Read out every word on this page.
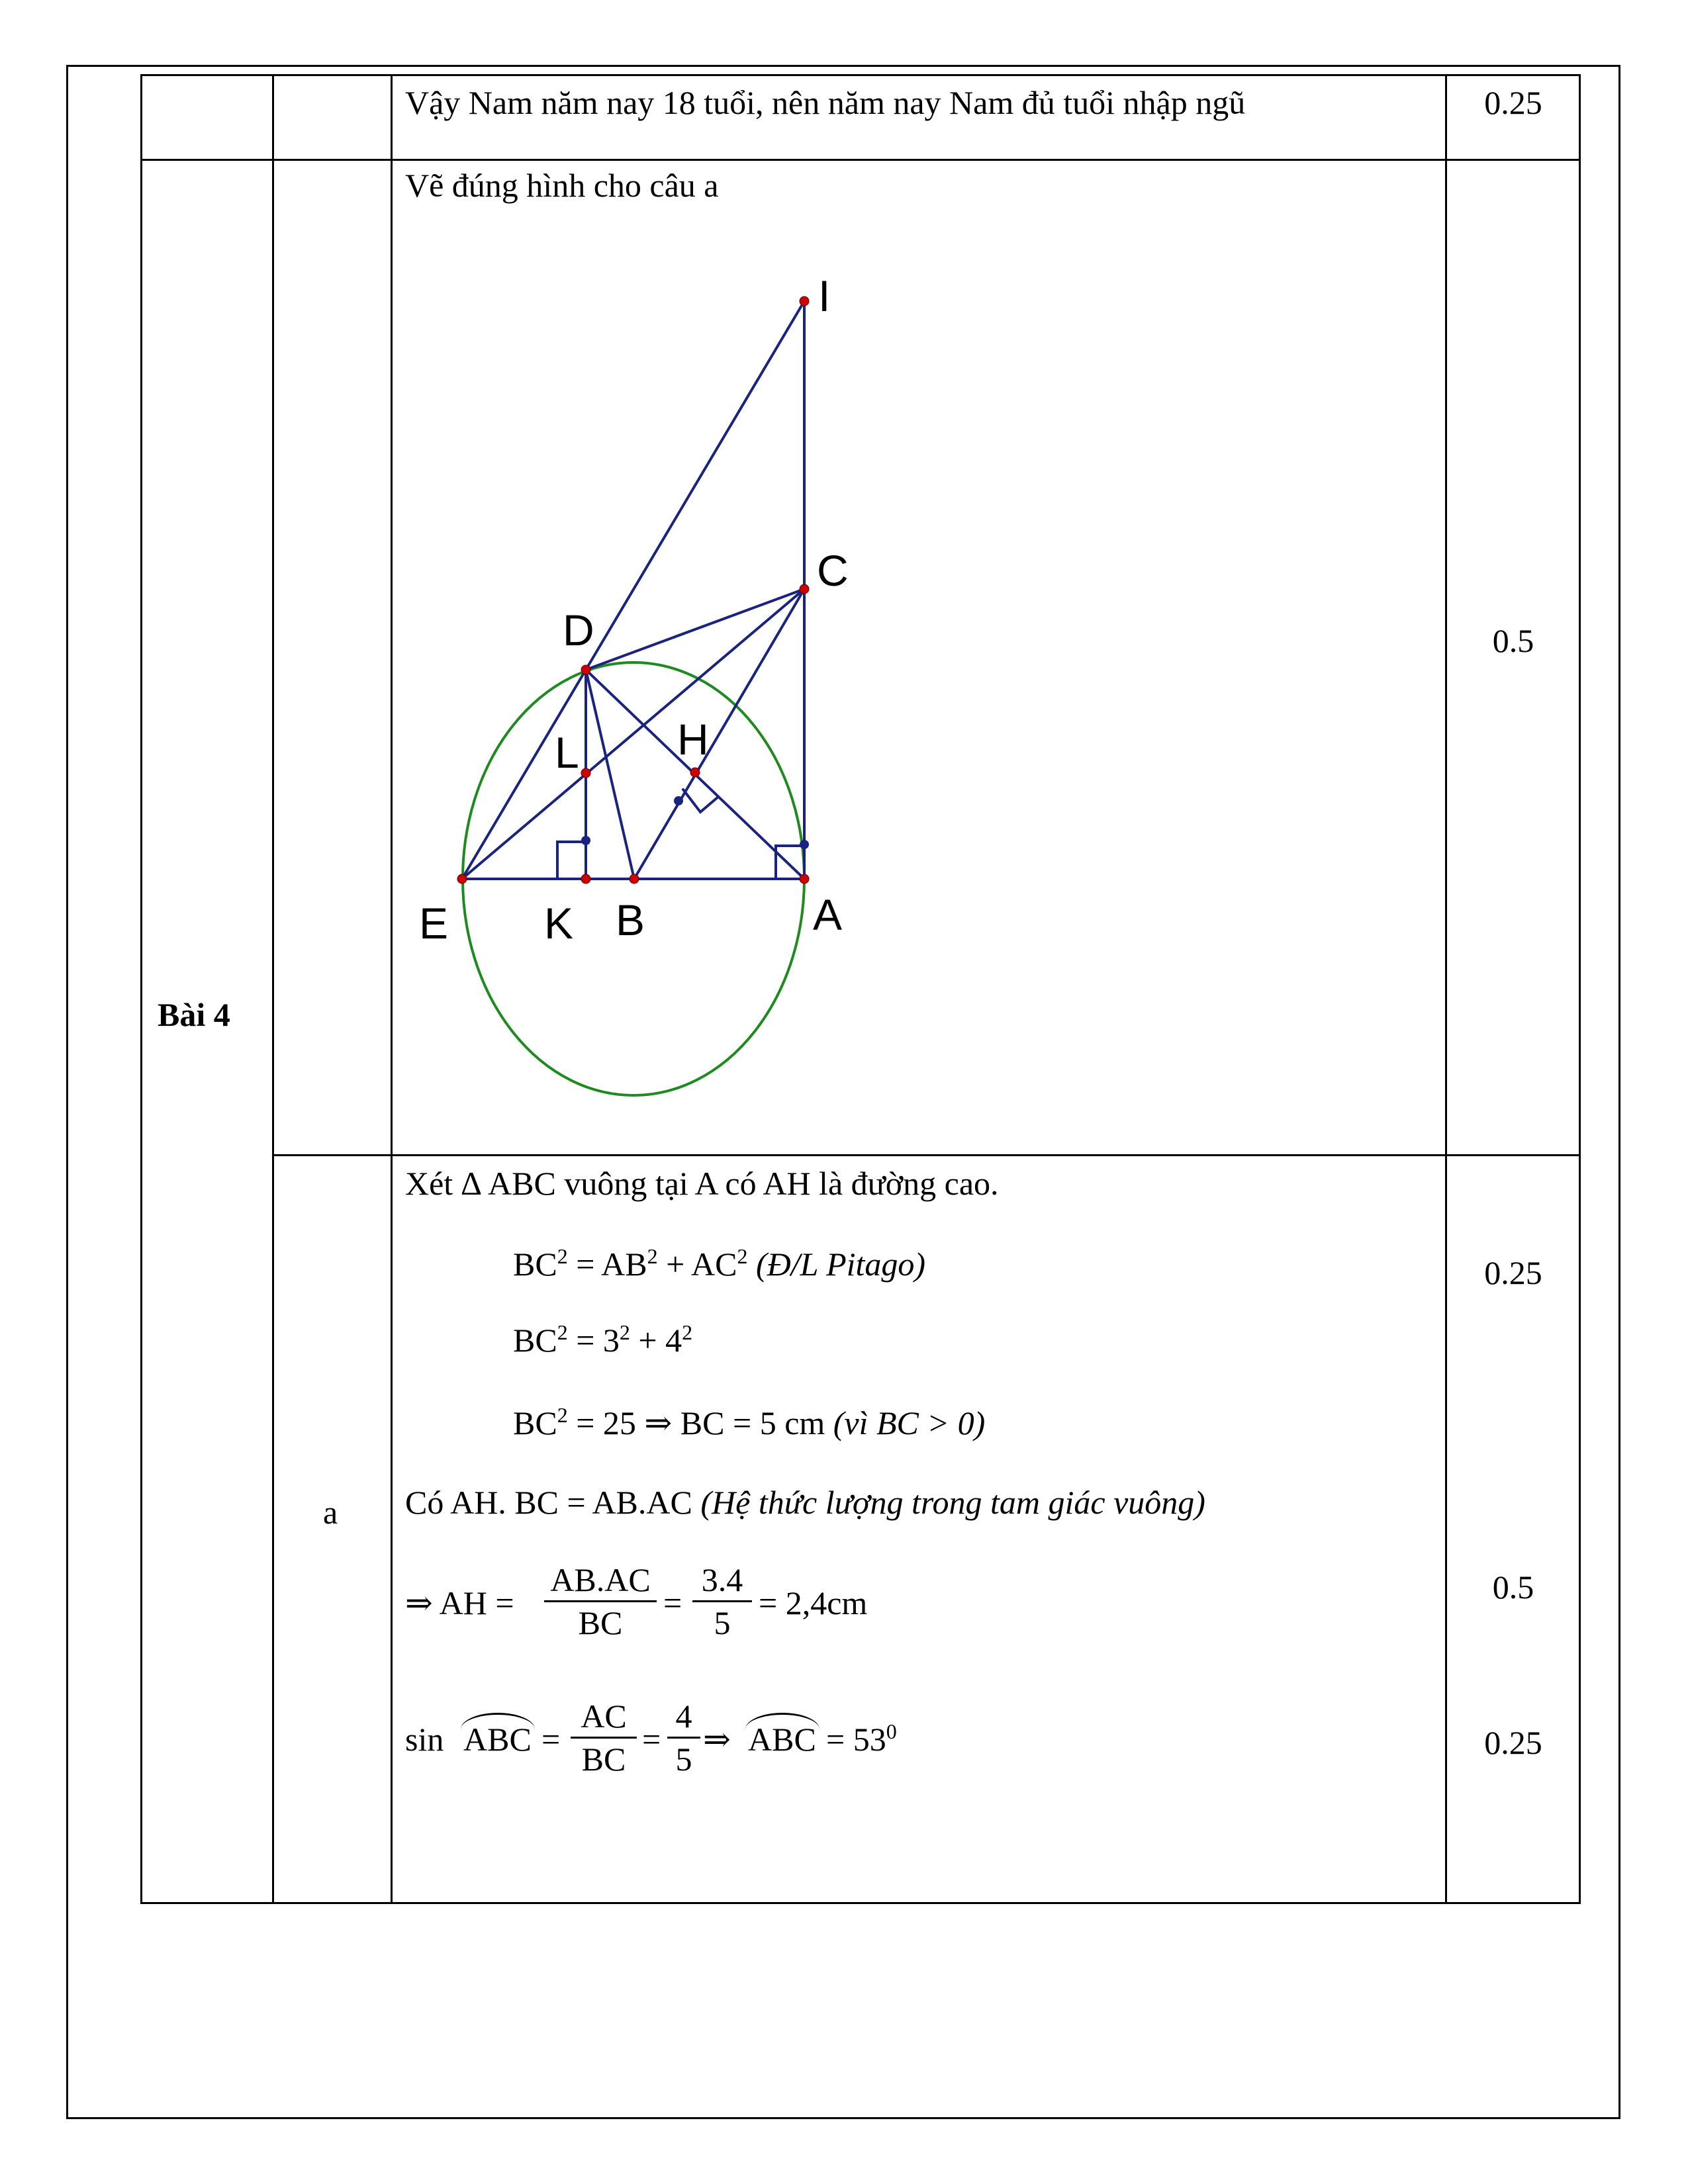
Vậy Nam năm nay 18 tuổi, nên năm nay Nam đủ tuổi nhập ngũ	0.25
Bài 4
Vẽ đúng hình cho câu a
0.5
I
C
D
L H
E K B	A
a
Xét ∆ ABC vuông tại A có AH là đường cao.
$BC^2 = AB^2 + AC^2$ (Đ/L Pitago)
$BC^2 = 3^2 + 4^2$
$BC^2 = 25$ ⇒ BC = 5 cm (vì BC > 0)
Có AH. BC = AB.AC (Hệ thức lượng trong tam giác vuông)
⇒ AH =
AB.AC
BC
=
3.4
5
= 2,4cm
sin ABC =
AC
BC
=
4
5
⇒ ABC = $53^0$
0.25
0.5
0.25
